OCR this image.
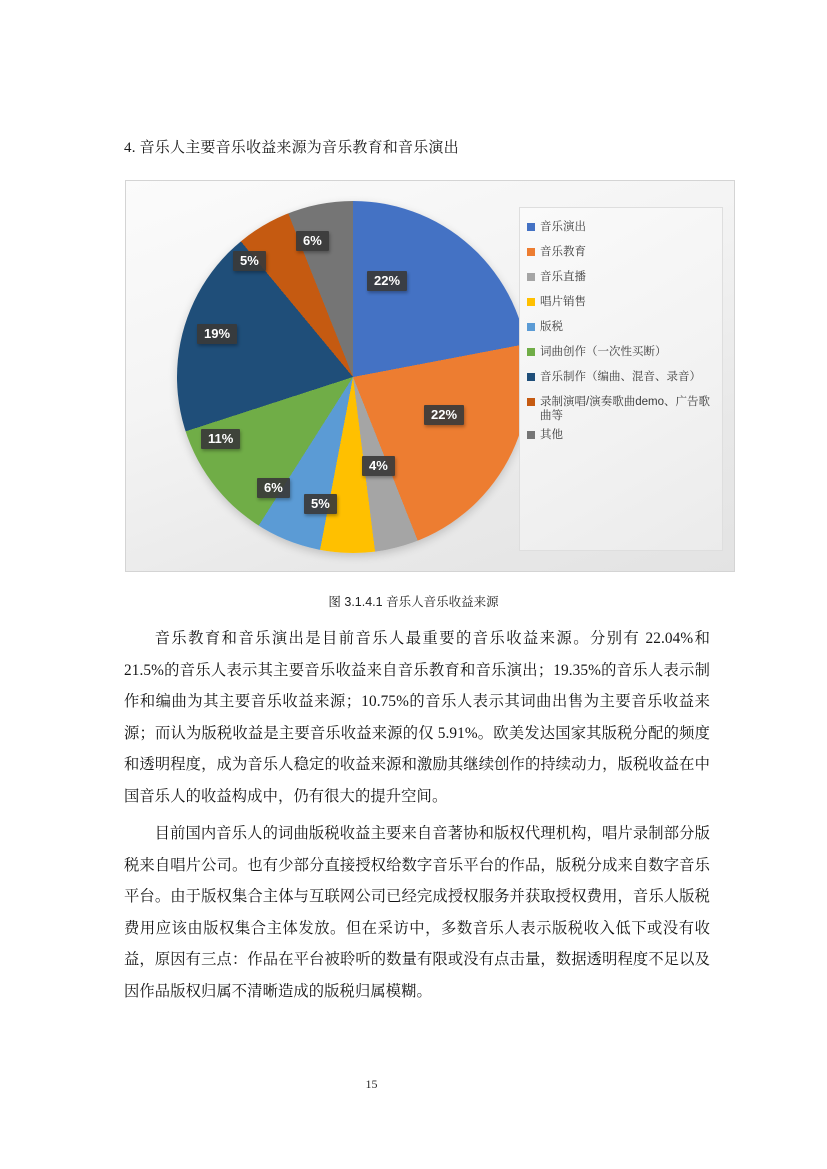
4. 音乐人主要音乐收益来源为音乐教育和音乐演出
22%
22%
4%
5%
6%
11%
19%
5%
6%
音乐演出
音乐教育
音乐直播
唱片销售
版税
词曲创作（一次性买断）
音乐制作（编曲、混音、录音）
录制演唱/演奏歌曲demo、广告歌曲等
其他
图 3.1.4.1 音乐人音乐收益来源
音乐教育和音乐演出是目前音乐人最重要的音乐收益来源。分别有 22.04%和 21.5%的音乐人表示其主要音乐收益来自音乐教育和音乐演出；19.35%的音乐人表示制作和编曲为其主要音乐收益来源；10.75%的音乐人表示其词曲出售为主要音乐收益来源；而认为版税收益是主要音乐收益来源的仅 5.91%。欧美发达国家其版税分配的频度和透明程度，成为音乐人稳定的收益来源和激励其继续创作的持续动力，版税收益在中国音乐人的收益构成中，仍有很大的提升空间。
目前国内音乐人的词曲版税收益主要来自音著协和版权代理机构，唱片录制部分版税来自唱片公司。也有少部分直接授权给数字音乐平台的作品，版税分成来自数字音乐平台。由于版权集合主体与互联网公司已经完成授权服务并获取授权费用，音乐人版税费用应该由版权集合主体发放。但在采访中，多数音乐人表示版税收入低下或没有收益，原因有三点：作品在平台被聆听的数量有限或没有点击量，数据透明程度不足以及因作品版权归属不清晰造成的版税归属模糊。
15
